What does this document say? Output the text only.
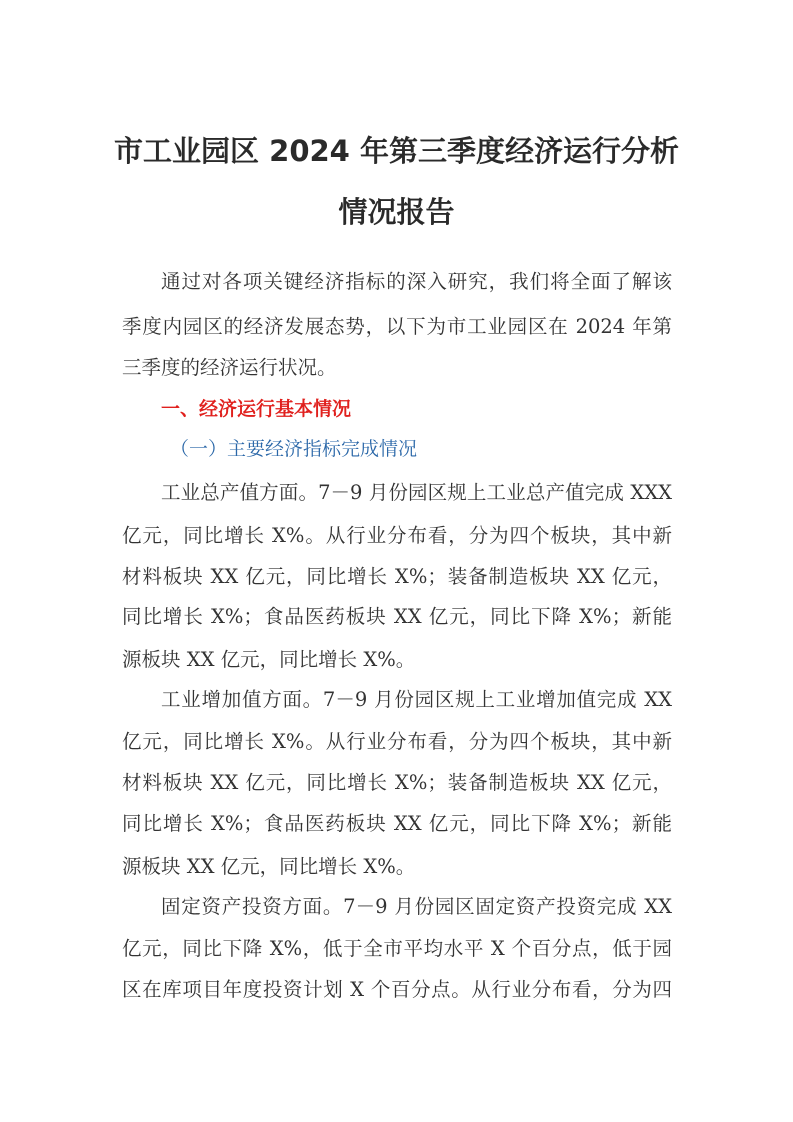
市工业园区 2024 年第三季度经济运行分析
情况报告
通过对各项关键经济指标的深入研究，我们将全面了解该
季度内园区的经济发展态势，以下为市工业园区在 2024 年第
三季度的经济运行状况。
一、经济运行基本情况
（一）主要经济指标完成情况
工业总产值方面。7－9 月份园区规上工业总产值完成 XXX
亿元，同比增长 X%。从行业分布看，分为四个板块，其中新
材料板块 XX 亿元，同比增长 X%；装备制造板块 XX 亿元，
同比增长 X%；食品医药板块 XX 亿元，同比下降 X%；新能
源板块 XX 亿元，同比增长 X%。
工业增加值方面。7－9 月份园区规上工业增加值完成 XX
亿元，同比增长 X%。从行业分布看，分为四个板块，其中新
材料板块 XX 亿元，同比增长 X%；装备制造板块 XX 亿元，
同比增长 X%；食品医药板块 XX 亿元，同比下降 X%；新能
源板块 XX 亿元，同比增长 X%。
固定资产投资方面。7－9 月份园区固定资产投资完成 XX
亿元，同比下降 X%，低于全市平均水平 X 个百分点，低于园
区在库项目年度投资计划 X 个百分点。从行业分布看，分为四
